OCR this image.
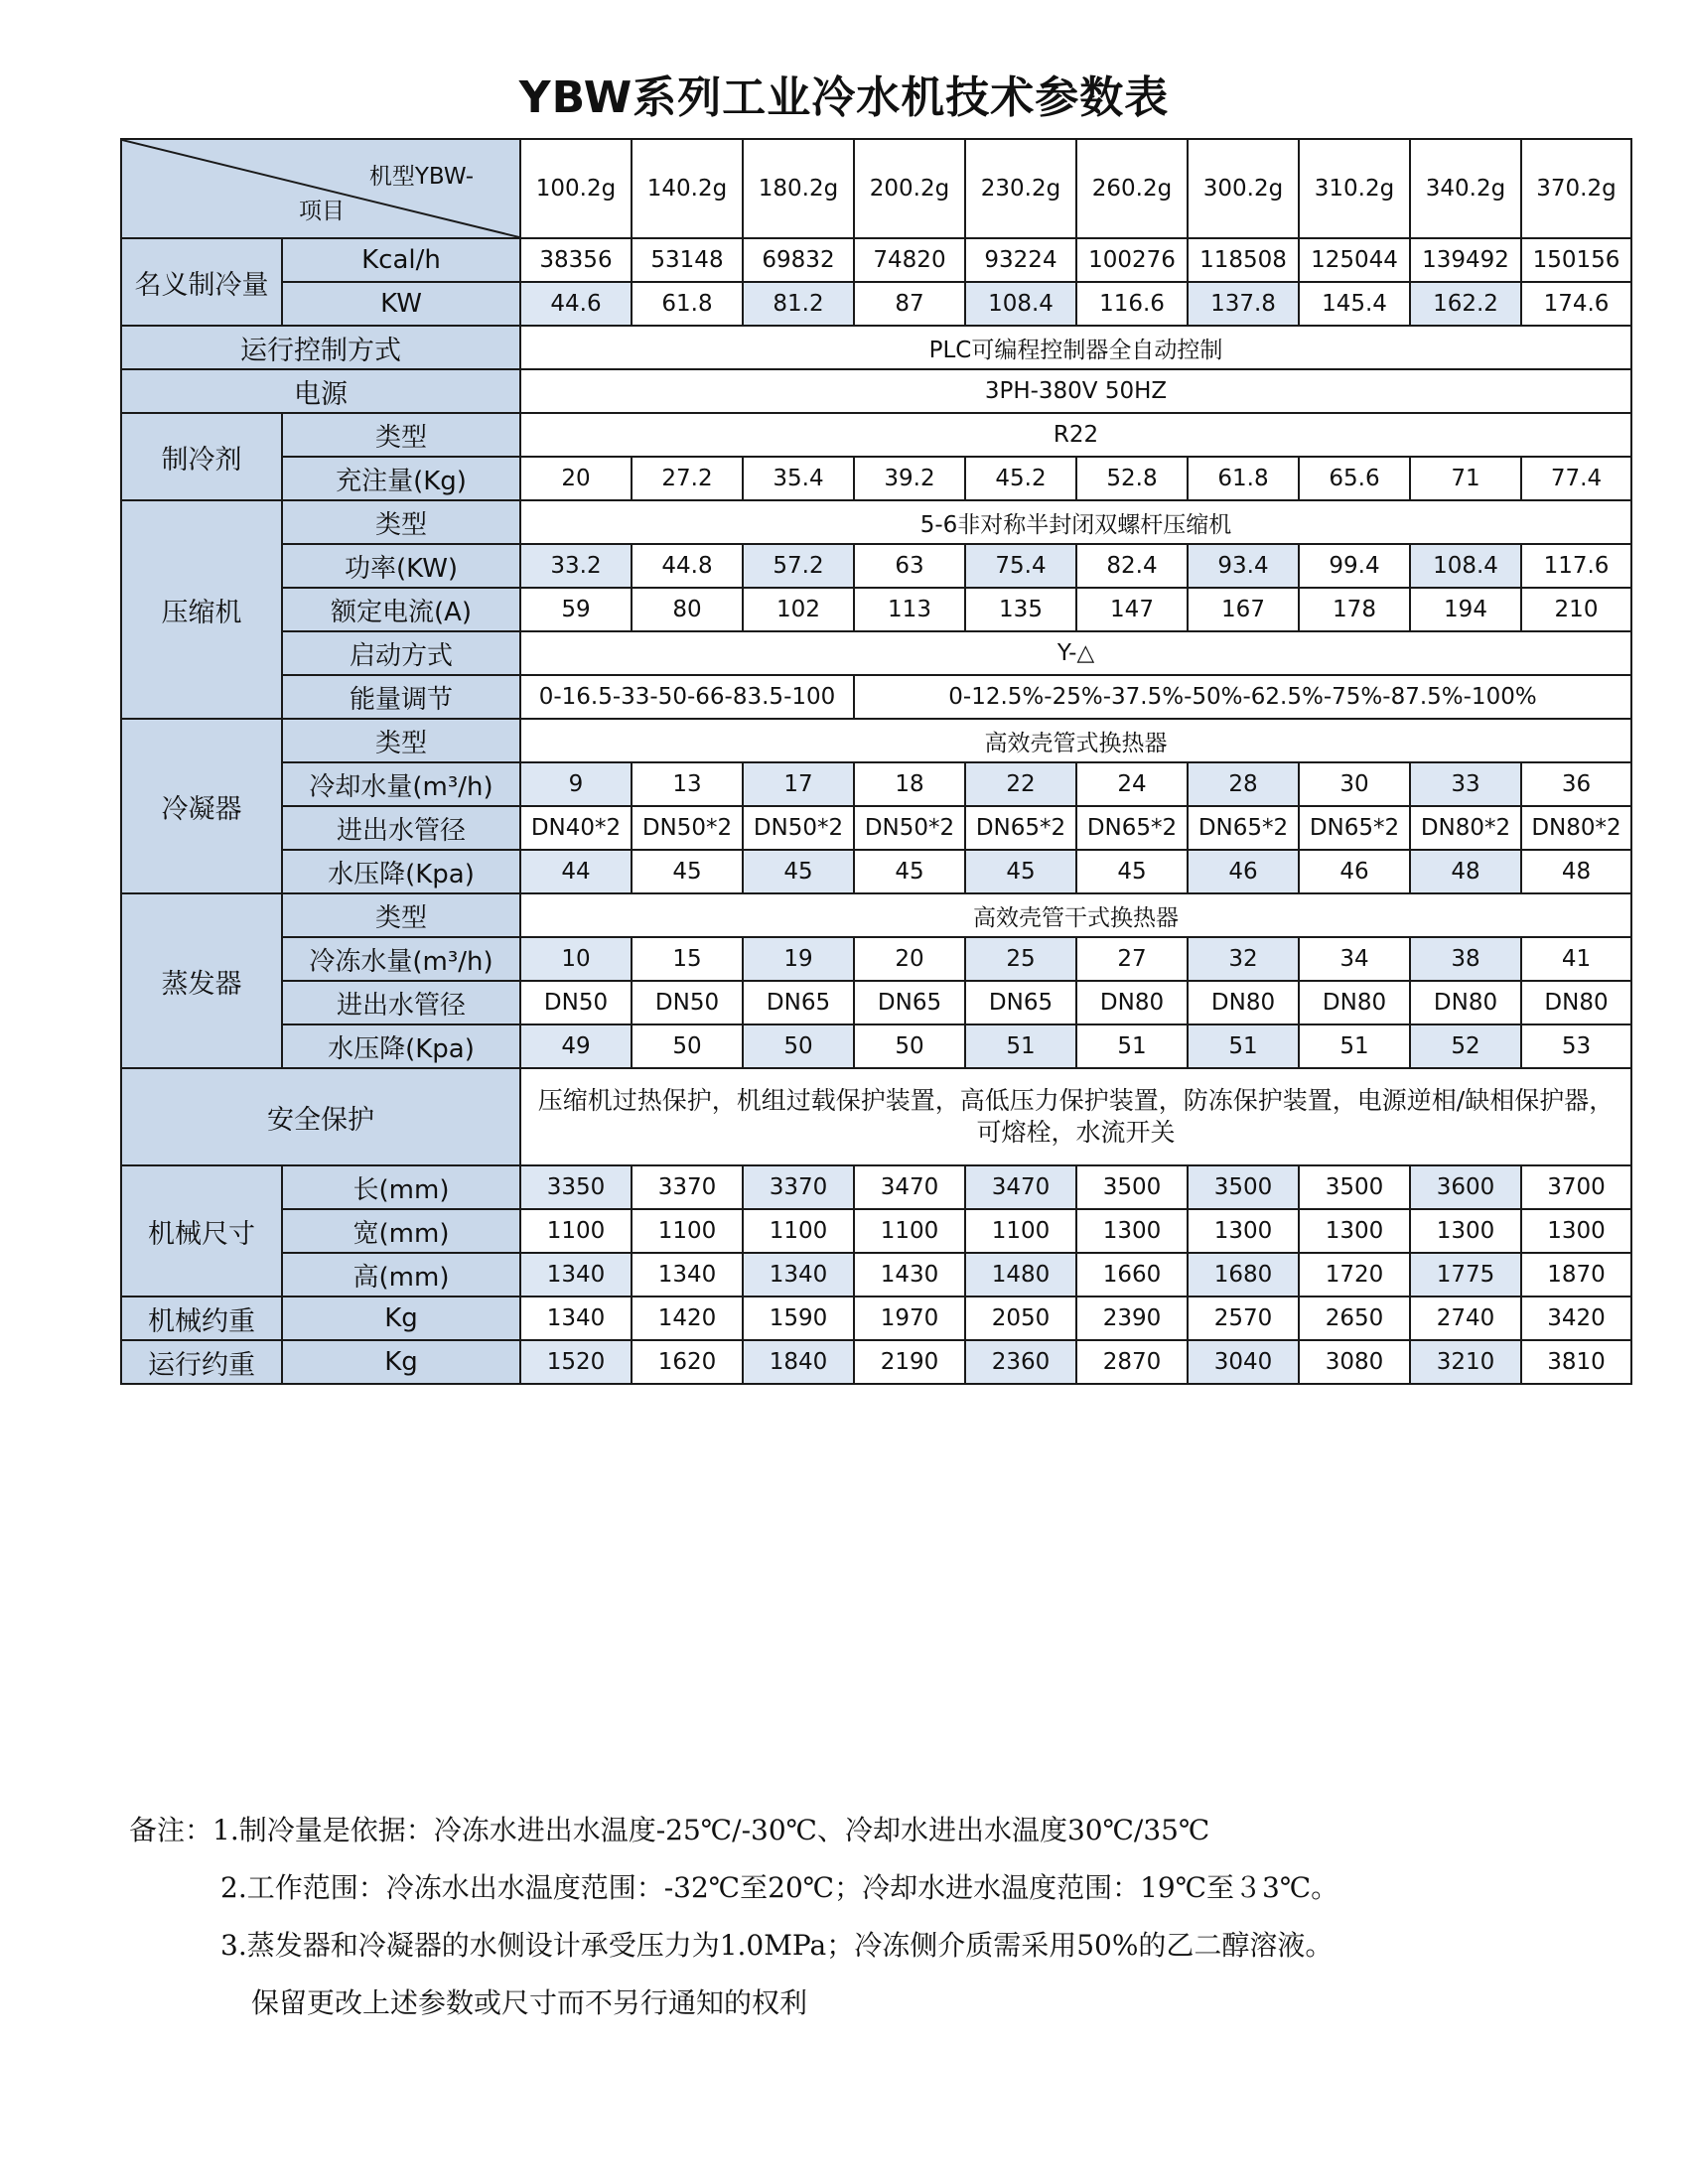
YBW系列工业冷水机技术参数表
机型YBW-
项目		100.2g	140.2g	180.2g	200.2g	230.2g	260.2g	300.2g	310.2g	340.2g	370.2g
名义制冷量	Kcal/h	38356	53148	69832	74820	93224	100276	118508	125044	139492	150156
	KW	44.6	61.8	81.2	87	108.4	116.6	137.8	145.4	162.2	174.6
运行控制方式		PLC可编程控制器全自动控制									
电源		3PH-380V 50HZ									
制冷剂	类型	R22									
	充注量(Kg)	20	27.2	35.4	39.2	45.2	52.8	61.8	65.6	71	77.4
压缩机	类型	5-6非对称半封闭双螺杆压缩机									
	功率(KW)	33.2	44.8	57.2	63	75.4	82.4	93.4	99.4	108.4	117.6
	额定电流(A)	59	80	102	113	135	147	167	178	194	210
	启动方式	Y-△									
	能量调节	0-16.5-33-50-66-83.5-100			0-12.5%-25%-37.5%-50%-62.5%-75%-87.5%-100%						
冷凝器	类型	高效壳管式换热器									
	冷却水量(m³/h)	9	13	17	18	22	24	28	30	33	36
	进出水管径	DN40*2	DN50*2	DN50*2	DN50*2	DN65*2	DN65*2	DN65*2	DN65*2	DN80*2	DN80*2
	水压降(Kpa)	44	45	45	45	45	45	46	46	48	48
蒸发器	类型	高效壳管干式换热器									
	冷冻水量(m³/h)	10	15	19	20	25	27	32	34	38	41
	进出水管径	DN50	DN50	DN65	DN65	DN65	DN80	DN80	DN80	DN80	DN80
	水压降(Kpa)	49	50	50	50	51	51	51	51	52	53
安全保护		压缩机过热保护，机组过载保护装置，高低压力保护装置，防冻保护装置，电源逆相/缺相保护器，可熔栓，水流开关									
机械尺寸	长(mm)	3350	3370	3370	3470	3470	3500	3500	3500	3600	3700
	宽(mm)	1100	1100	1100	1100	1100	1300	1300	1300	1300	1300
	高(mm)	1340	1340	1340	1430	1480	1660	1680	1720	1775	1870
机械约重	Kg	1340	1420	1590	1970	2050	2390	2570	2650	2740	3420
运行约重	Kg	1520	1620	1840	2190	2360	2870	3040	3080	3210	3810
备注：1.制冷量是依据：冷冻水进出水温度-25℃/-30℃、冷却水进出水温度30℃/35℃
2.工作范围：冷冻水出水温度范围：-32℃至20℃；冷却水进水温度范围：19℃至３3℃。
3.蒸发器和冷凝器的水侧设计承受压力为1.0MPa；冷冻侧介质需采用50%的乙二醇溶液。
保留更改上述参数或尺寸而不另行通知的权利
